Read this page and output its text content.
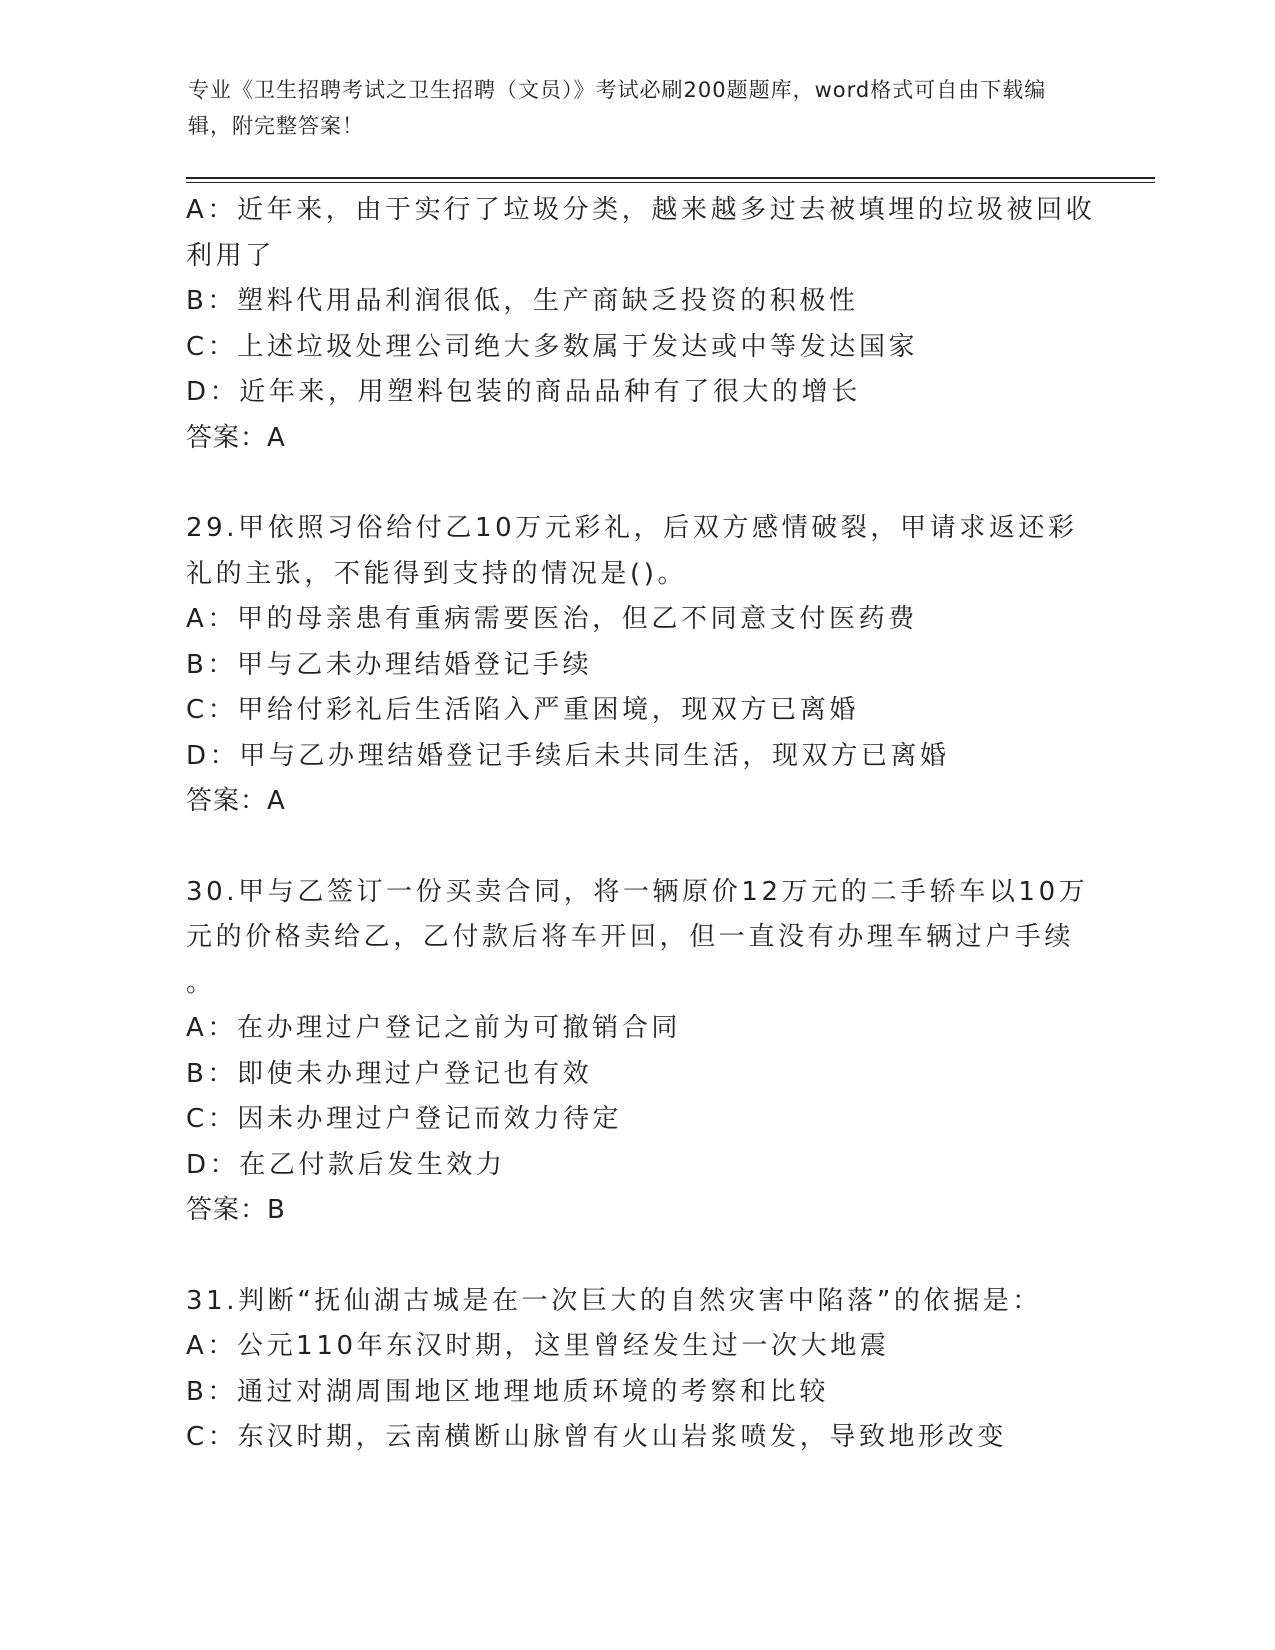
专业《卫生招聘考试之卫生招聘（文员）》考试必刷200题题库，word格式可自由下载编辑，附完整答案！
A：近年来，由于实行了垃圾分类，越来越多过去被填埋的垃圾被回收
利用了
B：塑料代用品利润很低，生产商缺乏投资的积极性
C：上述垃圾处理公司绝大多数属于发达或中等发达国家
D：近年来，用塑料包装的商品品种有了很大的增长
答案：A
29.甲依照习俗给付乙10万元彩礼，后双方感情破裂，甲请求返还彩
礼的主张，不能得到支持的情况是()。
A：甲的母亲患有重病需要医治，但乙不同意支付医药费
B：甲与乙未办理结婚登记手续
C：甲给付彩礼后生活陷入严重困境，现双方已离婚
D：甲与乙办理结婚登记手续后未共同生活，现双方已离婚
答案：A
30.甲与乙签订一份买卖合同，将一辆原价12万元的二手轿车以10万
元的价格卖给乙，乙付款后将车开回，但一直没有办理车辆过户手续
。
A：在办理过户登记之前为可撤销合同
B：即使未办理过户登记也有效
C：因未办理过户登记而效力待定
D：在乙付款后发生效力
答案：B
31.判断“抚仙湖古城是在一次巨大的自然灾害中陷落”的依据是：
A：公元110年东汉时期，这里曾经发生过一次大地震
B：通过对湖周围地区地理地质环境的考察和比较
C：东汉时期，云南横断山脉曾有火山岩浆喷发，导致地形改变
